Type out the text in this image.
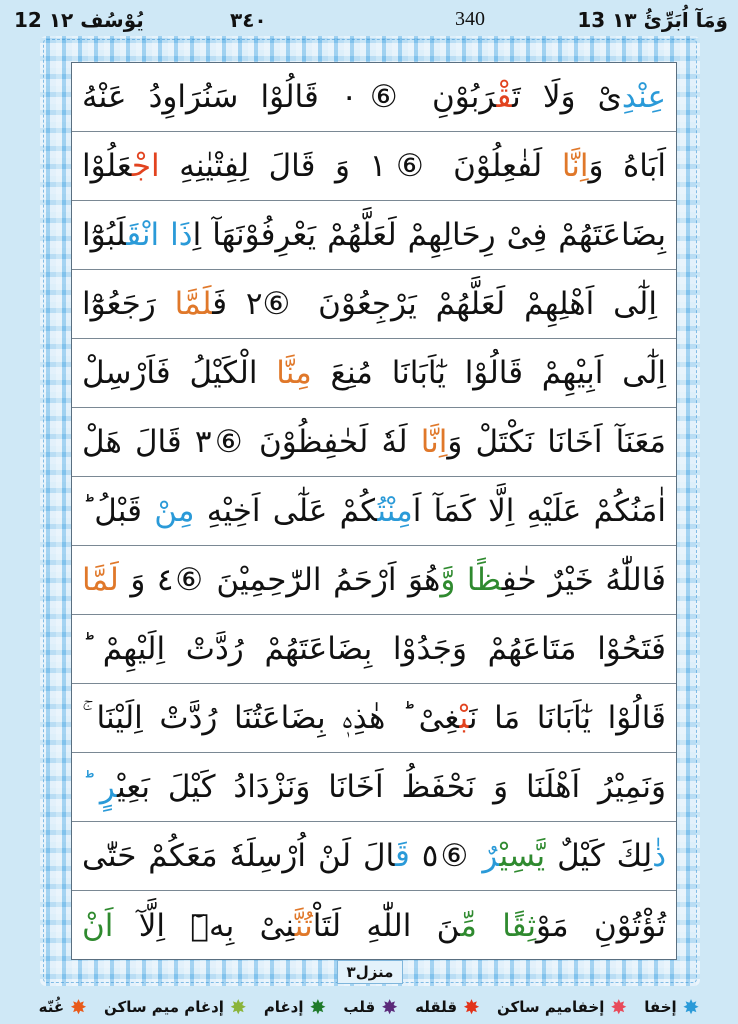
13 وَمَآ اُبَرِّئُ ١٣
340
٣٤٠
12 يُوْسُف ١٢
عِنْدِیْ وَلَا تَقْرَبُوْنِ ⑥٠ قَالُوْا سَنُرَاوِدُ عَنْهُ
اَبَاهُ وَاِنَّا لَفٰعِلُوْنَ ⑥١ وَ قَالَ لِفِتْيٰنِهِ اجْعَلُوْا
بِضَاعَتَهُمْ فِیْ رِحَالِهِمْ لَعَلَّهُمْ يَعْرِفُوْنَهَآ اِذَا انْقَلَبُوْٓا
اِلٰٓى اَهْلِهِمْ لَعَلَّهُمْ يَرْجِعُوْنَ ⑥٢ فَلَمَّا رَجَعُوْٓا
اِلٰٓى اَبِيْهِمْ قَالُوْا يٰٓاَبَانَا مُنِعَ مِنَّا الْكَيْلُ فَاَرْسِلْ
مَعَنَآ اَخَانَا نَكْتَلْ وَاِنَّا لَهٗ لَحٰفِظُوْنَ ⑥٣ قَالَ هَلْ
اٰمَنُكُمْ عَلَيْهِ اِلَّا كَمَآ اَمِنْتُكُمْ عَلٰٓى اَخِيْهِ مِنْ قَبْلُ ؕ
فَاللّٰهُ خَيْرٌ حٰفِظًا وَّهُوَ اَرْحَمُ الرّٰحِمِيْنَ ⑥٤ وَ لَمَّا
فَتَحُوْا مَتَاعَهُمْ وَجَدُوْا بِضَاعَتَهُمْ رُدَّتْ اِلَيْهِمْ ؕ
قَالُوْا يٰٓاَبَانَا مَا نَبْغِیْ ؕ هٰذِهٖ بِضَاعَتُنَا رُدَّتْ اِلَيْنَا ۚ
وَنَمِيْرُ اَهْلَنَا وَ نَحْفَظُ اَخَانَا وَنَزْدَادُ كَيْلَ بَعِيْرٍ ؕ
ذٰلِكَ كَيْلٌ يَّسِيْرٌ ⑥٥ قَالَ لَنْ اُرْسِلَهٗ مَعَكُمْ حَتّٰى
تُؤْتُوْنِ مَوْثِقًا مِّنَ اللّٰهِ لَتَاْتُنَّنِیْ بِهٖٓ اِلَّآ اَنْ
منزل٣
✸
إخفا
✸
إخفاميم ساكن
✸
قلقله
✸
قلب
✸
إدغام
✸
إدغام ميم ساكن
✸
غُنّه
